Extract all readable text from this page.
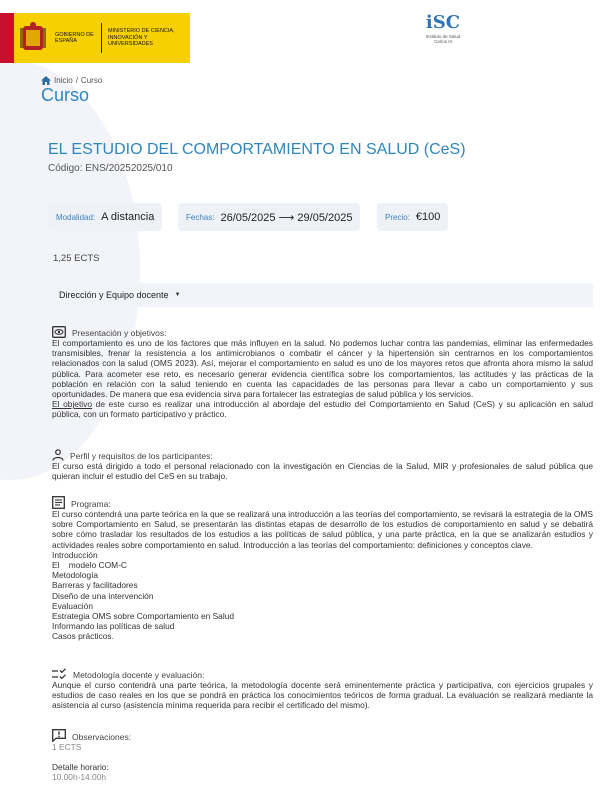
GOBIERNO DE ESPAÑA
MINISTERIO DE CIENCIA, INNOVACIÓN Y UNIVERSIDADES
iSC
Instituto de Salud Carlos III
Inicio / Curso
Curso
EL ESTUDIO DEL COMPORTAMIENTO EN SALUD (CeS)
Código: ENS/20252025/010
Modalidad: A distancia	Fechas: 26/05/2025 ⟶ 29/05/2025	Precio: €100
1,25 ECTS
Dirección y Equipo docente ▼
Presentación y objetivos:

El comportamiento es uno de los factores que más influyen en la salud. No podemos luchar contra las pandemias, eliminar las enfermedades transmisibles, frenar la resistencia a los antimicrobianos o combatir el cáncer y la hipertensión sin centrarnos en los comportamientos relacionados con la salud (OMS 2023). Así, mejorar el comportamiento en salud es uno de los mayores retos que afronta ahora mismo la salud pública. Para acometer ese reto, es necesario generar evidencia científica sobre los comportamientos, las actitudes y las prácticas de la población en relación con la salud teniendo en cuenta las capacidades de las personas para llevar a cabo un comportamiento y sus oportunidades. De manera que esa evidencia sirva para fortalecer las estrategias de salud pública y los servicios.

El objetivo de este curso es realizar una introducción al abordaje del estudio del Comportamiento en Salud (CeS) y su aplicación en salud pública, con un formato participativo y práctico.

Perfil y requisitos de los participantes:

El curso está dirigido a todo el personal relacionado con la investigación en Ciencias de la Salud, MIR y profesionales de salud pública que quieran incluir el estudio del CeS en su trabajo.

Programa:

El curso contendrá una parte teórica en la que se realizará una introducción a las teorías del comportamiento, se revisará la estrategia de la OMS sobre Comportamiento en Salud, se presentarán las distintas etapas de desarrollo de los estudios de comportamiento en salud y se debatirá sobre cómo trasladar los resultados de los estudios a las políticas de salud pública, y una parte práctica, en la que se analizarán estudios y actividades reales sobre comportamiento en salud. Introducción a las teorías del comportamiento: definiciones y conceptos clave.

Introducción
El    modelo COM-C
Metodología
Barreras y facilitadores
Diseño de una intervención
Evaluación
Estrategia OMS sobre Comportamiento en Salud
Informando las políticas de salud
Casos prácticos.
Metodología docente y evaluación:

Aunque el curso contendrá una parte teórica, la metodología docente será eminentemente práctica y participativa, con ejercicios grupales y estudios de caso reales en los que se pondrá en práctica los conocimientos teóricos de forma gradual. La evaluación se realizará mediante la asistencia al curso (asistencia mínima requerida para recibir el certificado del mismo).

Observaciones:
1 ECTS
Detalle horario:
10.00h-14.00h
